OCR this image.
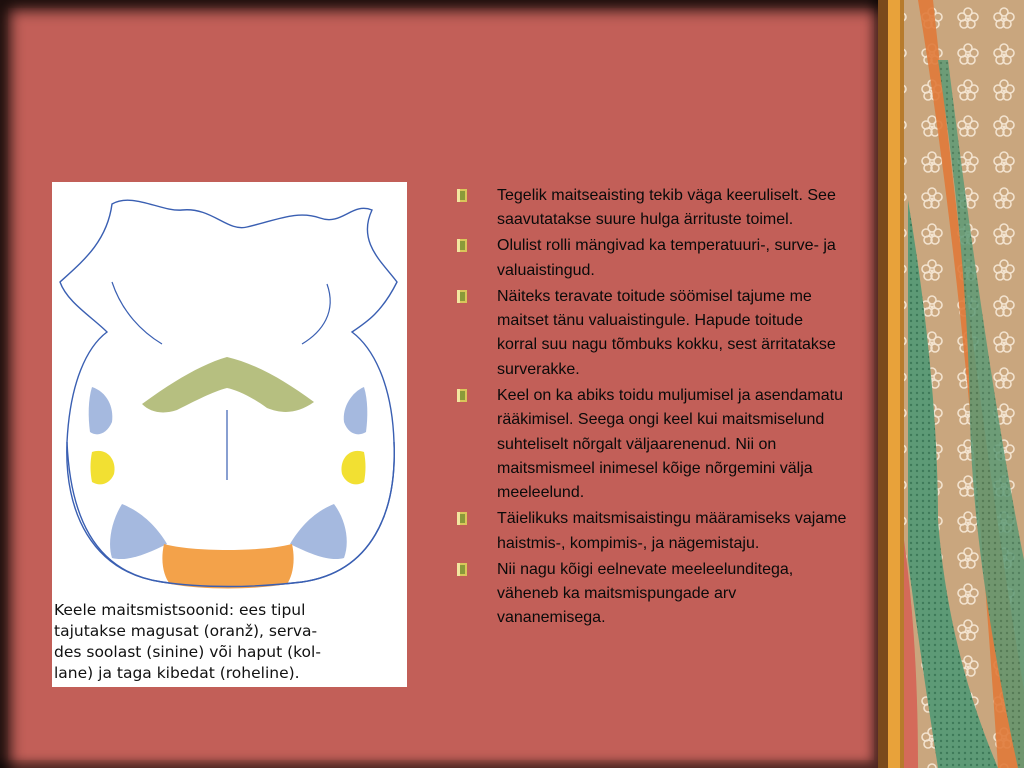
Keele maitsmistsoonid: ees tipul
tajutakse magusat (oranž), serva-
des soolast (sinine) või haput (kol-
lane) ja taga kibedat (roheline).
Tegelik maitseaisting tekib väga keeruliselt. See saavutatakse suure hulga ärrituste toimel.
Olulist rolli mängivad ka temperatuuri-, surve- ja valuaistingud.
Näiteks teravate toitude söömisel tajume me maitset tänu valuaistingule. Hapude toitude korral suu nagu tõmbuks kokku, sest ärritatakse surverakke.
Keel on ka abiks toidu muljumisel ja asendamatu rääkimisel. Seega ongi keel kui maitsmiselund suhteliselt nõrgalt väljaarenenud. Nii on maitsmismeel inimesel kõige nõrgemini välja meeleelund.
Täielikuks maitsmisaistingu määramiseks vajame haistmis-, kompimis-, ja nägemistaju.
Nii nagu kõigi eelnevate meeleelunditega, väheneb ka maitsmispungade arv vananemisega.
